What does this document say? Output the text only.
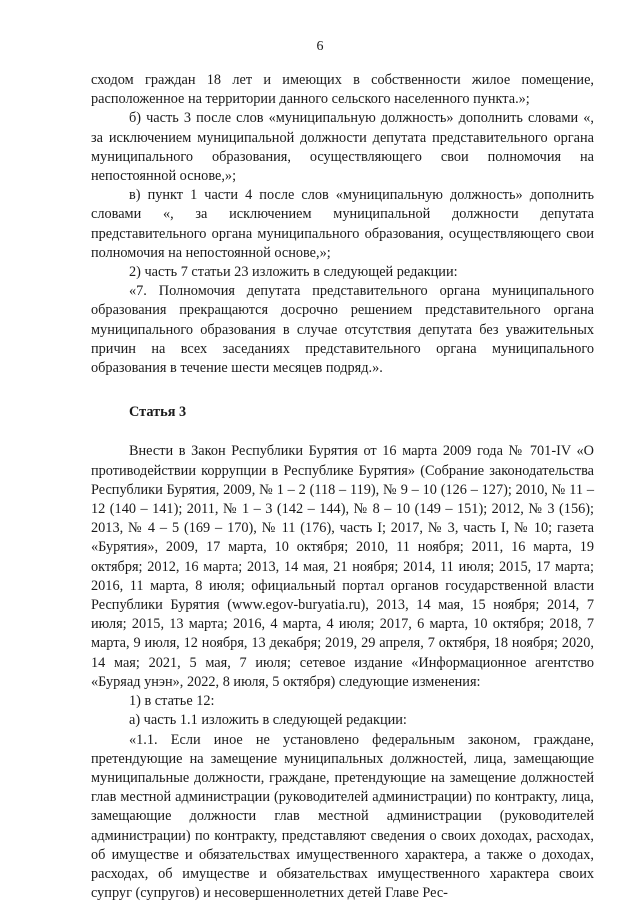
6

сходом граждан 18 лет и имеющих в собственности жилое помещение, расположенное на территории данного сельского населенного пункта.»;

б) часть 3 после слов «муниципальную должность» дополнить словами «, за исключением муниципальной должности депутата представительного органа муниципального образования, осуществляющего свои полномочия на непостоянной основе,»;

в) пункт 1 части 4 после слов «муниципальную должность» дополнить словами «, за исключением муниципальной должности депутата представительного органа муниципального образования, осуществляющего свои полномочия на непостоянной основе,»;

2) часть 7 статьи 23 изложить в следующей редакции:

«7. Полномочия депутата представительного органа муниципального образования прекращаются досрочно решением представительного органа муниципального образования в случае отсутствия депутата без уважительных причин на всех заседаниях представительного органа муниципального образования в течение шести месяцев подряд.».

Статья 3

Внести в Закон Республики Бурятия от 16 марта 2009 года № 701-IV «О противодействии коррупции в Республике Бурятия» (Собрание законодательства Республики Бурятия, 2009, № 1 – 2 (118 – 119), № 9 – 10 (126 – 127); 2010, № 11 – 12 (140 – 141); 2011, № 1 – 3 (142 – 144), № 8 – 10 (149 – 151); 2012, № 3 (156); 2013, № 4 – 5 (169 – 170), № 11 (176), часть I; 2017, № 3, часть I, № 10; газета «Бурятия», 2009, 17 марта, 10 октября; 2010, 11 ноября; 2011, 16 марта, 19 октября; 2012, 16 марта; 2013, 14 мая, 21 ноября; 2014, 11 июля; 2015, 17 марта; 2016, 11 марта, 8 июля; официальный портал органов государственной власти Республики Бурятия (www.egov-buryatia.ru), 2013, 14 мая, 15 ноября; 2014, 7 июля; 2015, 13 марта; 2016, 4 марта, 4 июля; 2017, 6 марта, 10 октября; 2018, 7 марта, 9 июля, 12 ноября, 13 декабря; 2019, 29 апреля, 7 октября, 18 ноября; 2020, 14 мая; 2021, 5 мая, 7 июля; сетевое издание «Информационное агентство «Буряад унэн», 2022, 8 июля, 5 октября) следующие изменения:

1) в статье 12:

а) часть 1.1 изложить в следующей редакции:

«1.1. Если иное не установлено федеральным законом, граждане, претендующие на замещение муниципальных должностей, лица, замещающие муниципальные должности, граждане, претендующие на замещение должностей глав местной администрации (руководителей администрации) по контракту, лица, замещающие должности глав местной администрации (руководителей администрации) по контракту, представляют сведения о своих доходах, расходах, об имуществе и обязательствах имущественного характера, а также о доходах, расходах, об имуществе и обязательствах имущественного характера своих супруг (супругов) и несовершеннолетних детей Главе Рес-
